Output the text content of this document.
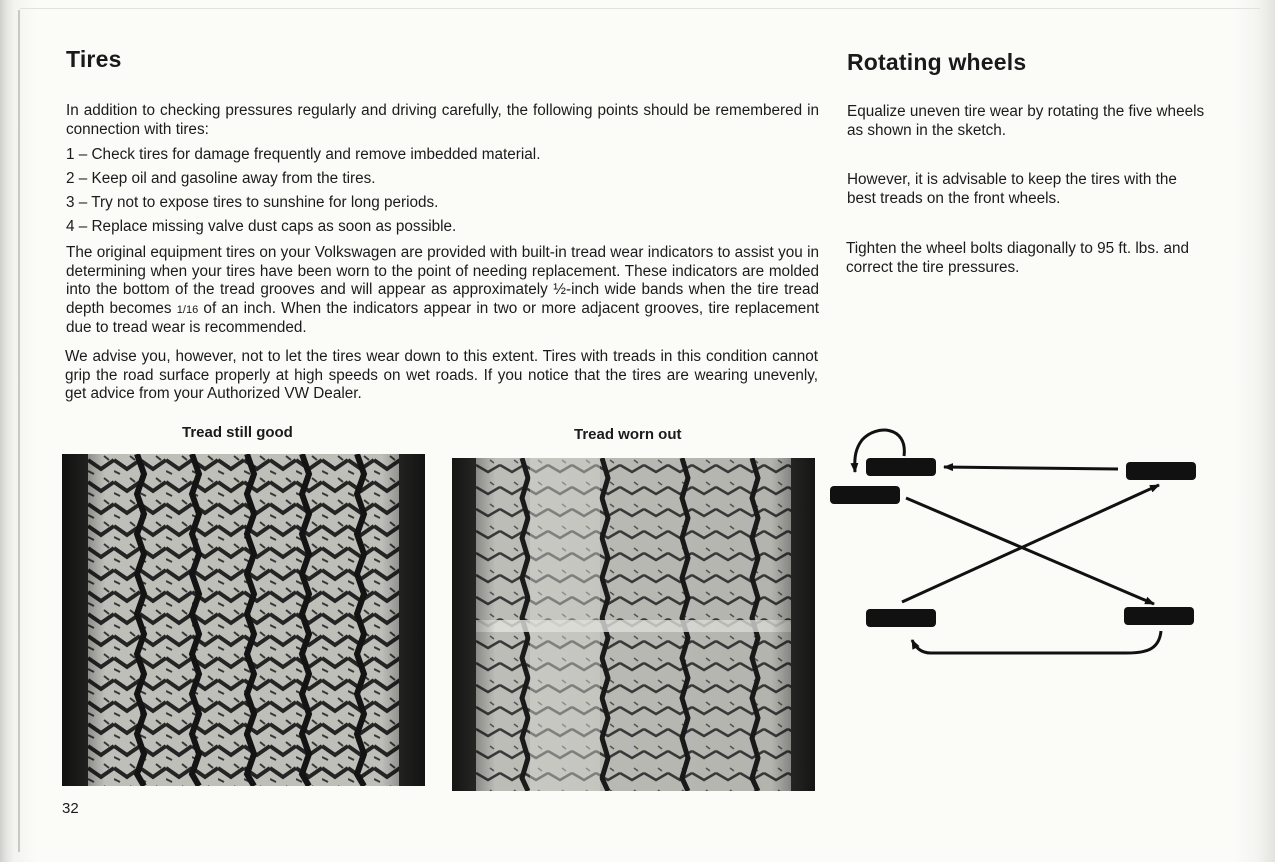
Tires

In addition to checking pressures regularly and driving carefully, the following points should be remembered in connection with tires:

1 – Check tires for damage frequently and remove imbedded material.
2 – Keep oil and gasoline away from the tires.
3 – Try not to expose tires to sunshine for long periods.
4 – Replace missing valve dust caps as soon as possible.

The original equipment tires on your Volkswagen are provided with built-in tread wear indicators to assist you in determining when your tires have been worn to the point of needing replacement. These indicators are molded into the bottom of the tread grooves and will appear as approximately ½-inch wide bands when the tire tread depth becomes 1/16 of an inch. When the indicators appear in two or more adjacent grooves, tire replacement due to tread wear is recommended.

We advise you, however, not to let the tires wear down to this extent. Tires with treads in this condition cannot grip the road surface properly at high speeds on wet roads. If you notice that the tires are wearing unevenly, get advice from your Authorized VW Dealer.

Tread still good	Tread worn out

Rotating wheels

Equalize uneven tire wear by rotating the five wheels as shown in the sketch.

However, it is advisable to keep the tires with the best treads on the front wheels.

Tighten the wheel bolts diagonally to 95 ft. lbs. and correct the tire pressures.

32
